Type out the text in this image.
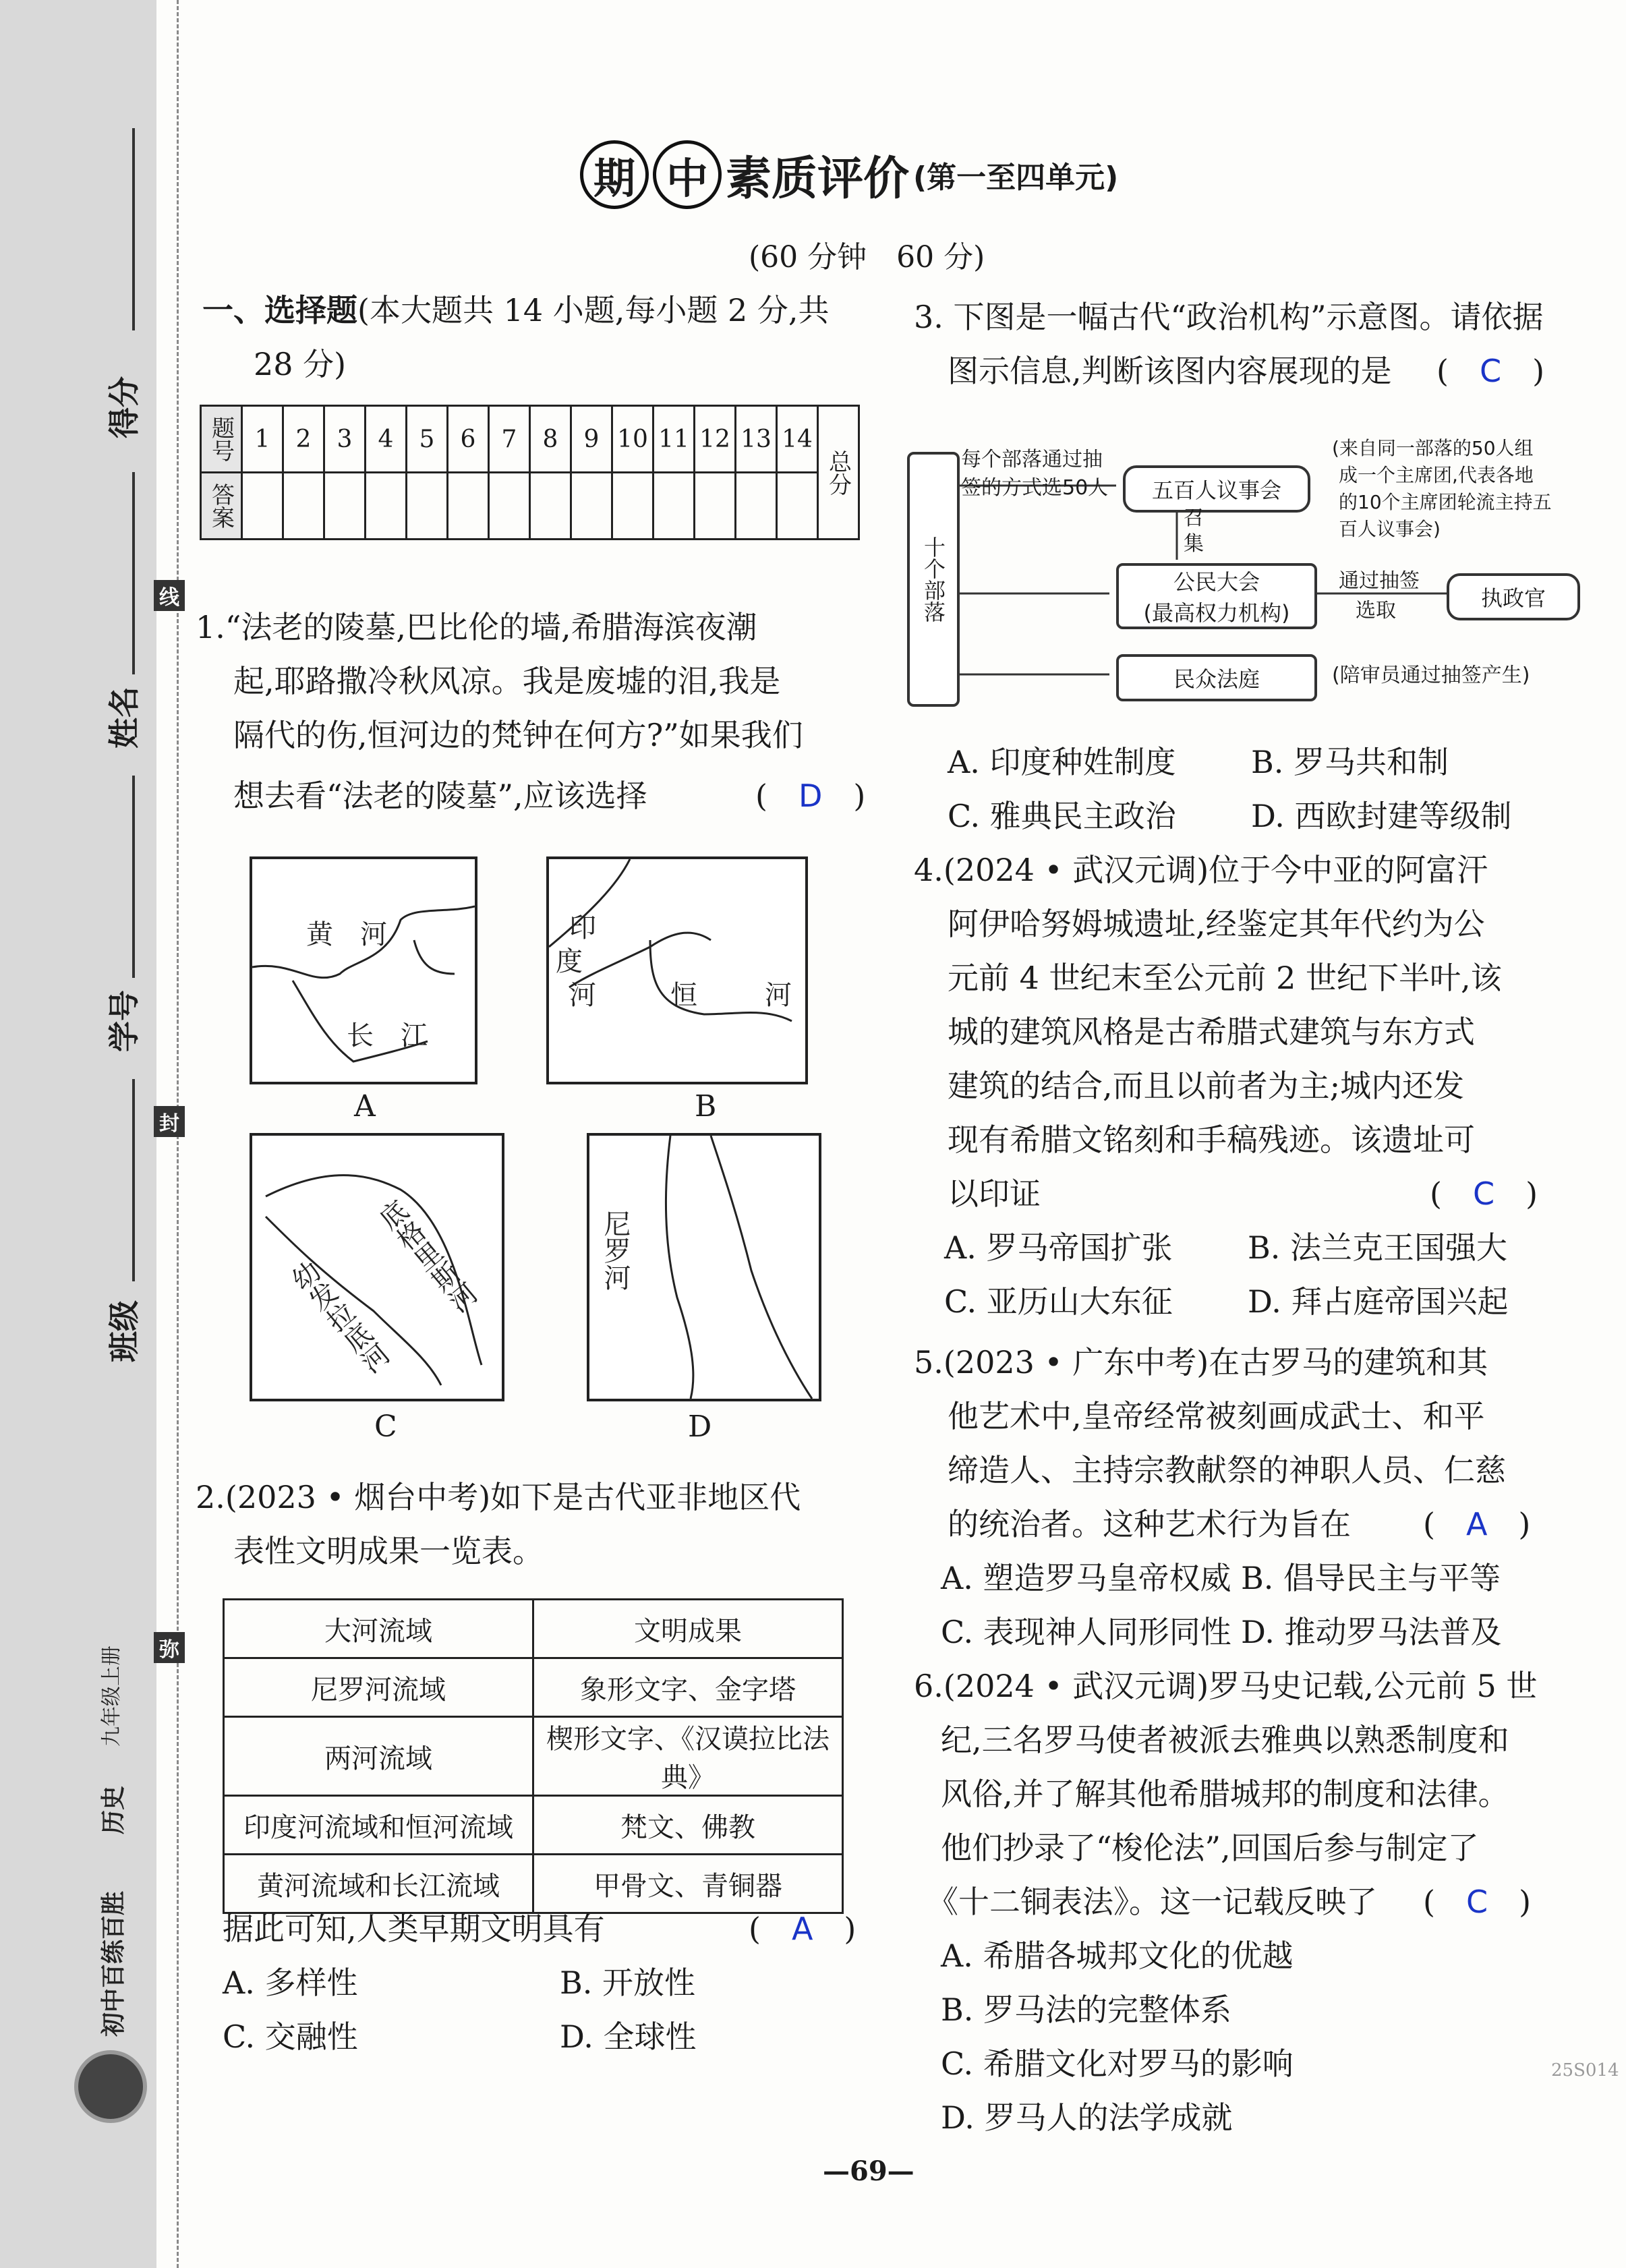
得分
姓名
学号
班级
线
封
弥
初中百练百胜
历史
九年级上册
期 中 素质评价 (第一至四单元)
(60 分钟　60 分)
一、选择题(本大题共 14 小题,每小题 2 分,共
28 分)
题号	1	2	3	4	5	6	7	8	9	10	11	12	13	14	总分
答案															
1.“法老的陵墓,巴比伦的墙,希腊海滨夜潮
起,耶路撒冷秋风凉。我是废墟的泪,我是
隔代的伤,恒河边的梵钟在何方?”如果我们
想去看“法老的陵墓”,应该选择	(　D　)
黄　河
长　江
A
印
度
河	恒	河
B
底格里斯河
幼发拉底河
C
尼罗河
D
2.(2023 • 烟台中考)如下是古代亚非地区代
表性文明成果一览表。
大河流域	文明成果
尼罗河流域	象形文字、金字塔
两河流域	楔形文字、《汉谟拉比法典》
印度河流域和恒河流域	梵文、佛教
黄河流域和长江流域	甲骨文、青铜器
据此可知,人类早期文明具有	(　A　)
A. 多样性	B. 开放性
C. 交融性	D. 全球性
3. 下图是一幅古代“政治机构”示意图。请依据
图示信息,判断该图内容展现的是 (　C　)
十个部落
每个部落通过抽
签的方式选50人 五百人议事会
召集
公民大会
(最高权力机构)
通过抽签
选取	执政官
民众法庭	(陪审员通过抽签产生)
(来自同一部落的50人组
成一个主席团,代表各地
的10个主席团轮流主持五
百人议事会)
A. 印度种姓制度 B. 罗马共和制
C. 雅典民主政治 D. 西欧封建等级制
4.(2024 • 武汉元调)位于今中亚的阿富汗
阿伊哈努姆城遗址,经鉴定其年代约为公
元前 4 世纪末至公元前 2 世纪下半叶,该
城的建筑风格是古希腊式建筑与东方式
建筑的结合,而且以前者为主;城内还发
现有希腊文铭刻和手稿残迹。该遗址可
以印证	(　C　)
A. 罗马帝国扩张 B. 法兰克王国强大
C. 亚历山大东征 D. 拜占庭帝国兴起
5.(2023 • 广东中考)在古罗马的建筑和其
他艺术中,皇帝经常被刻画成武士、和平
缔造人、主持宗教献祭的神职人员、仁慈
的统治者。这种艺术行为旨在 (　A　)
A. 塑造罗马皇帝权威 B. 倡导民主与平等
C. 表现神人同形同性 D. 推动罗马法普及
6.(2024 • 武汉元调)罗马史记载,公元前 5 世
纪,三名罗马使者被派去雅典以熟悉制度和
风俗,并了解其他希腊城邦的制度和法律。
他们抄录了“梭伦法”,回国后参与制定了
《十二铜表法》。这一记载反映了 (　C　)
A. 希腊各城邦文化的优越
B. 罗马法的完整体系
C. 希腊文化对罗马的影响
D. 罗马人的法学成就
—69—
25S014
